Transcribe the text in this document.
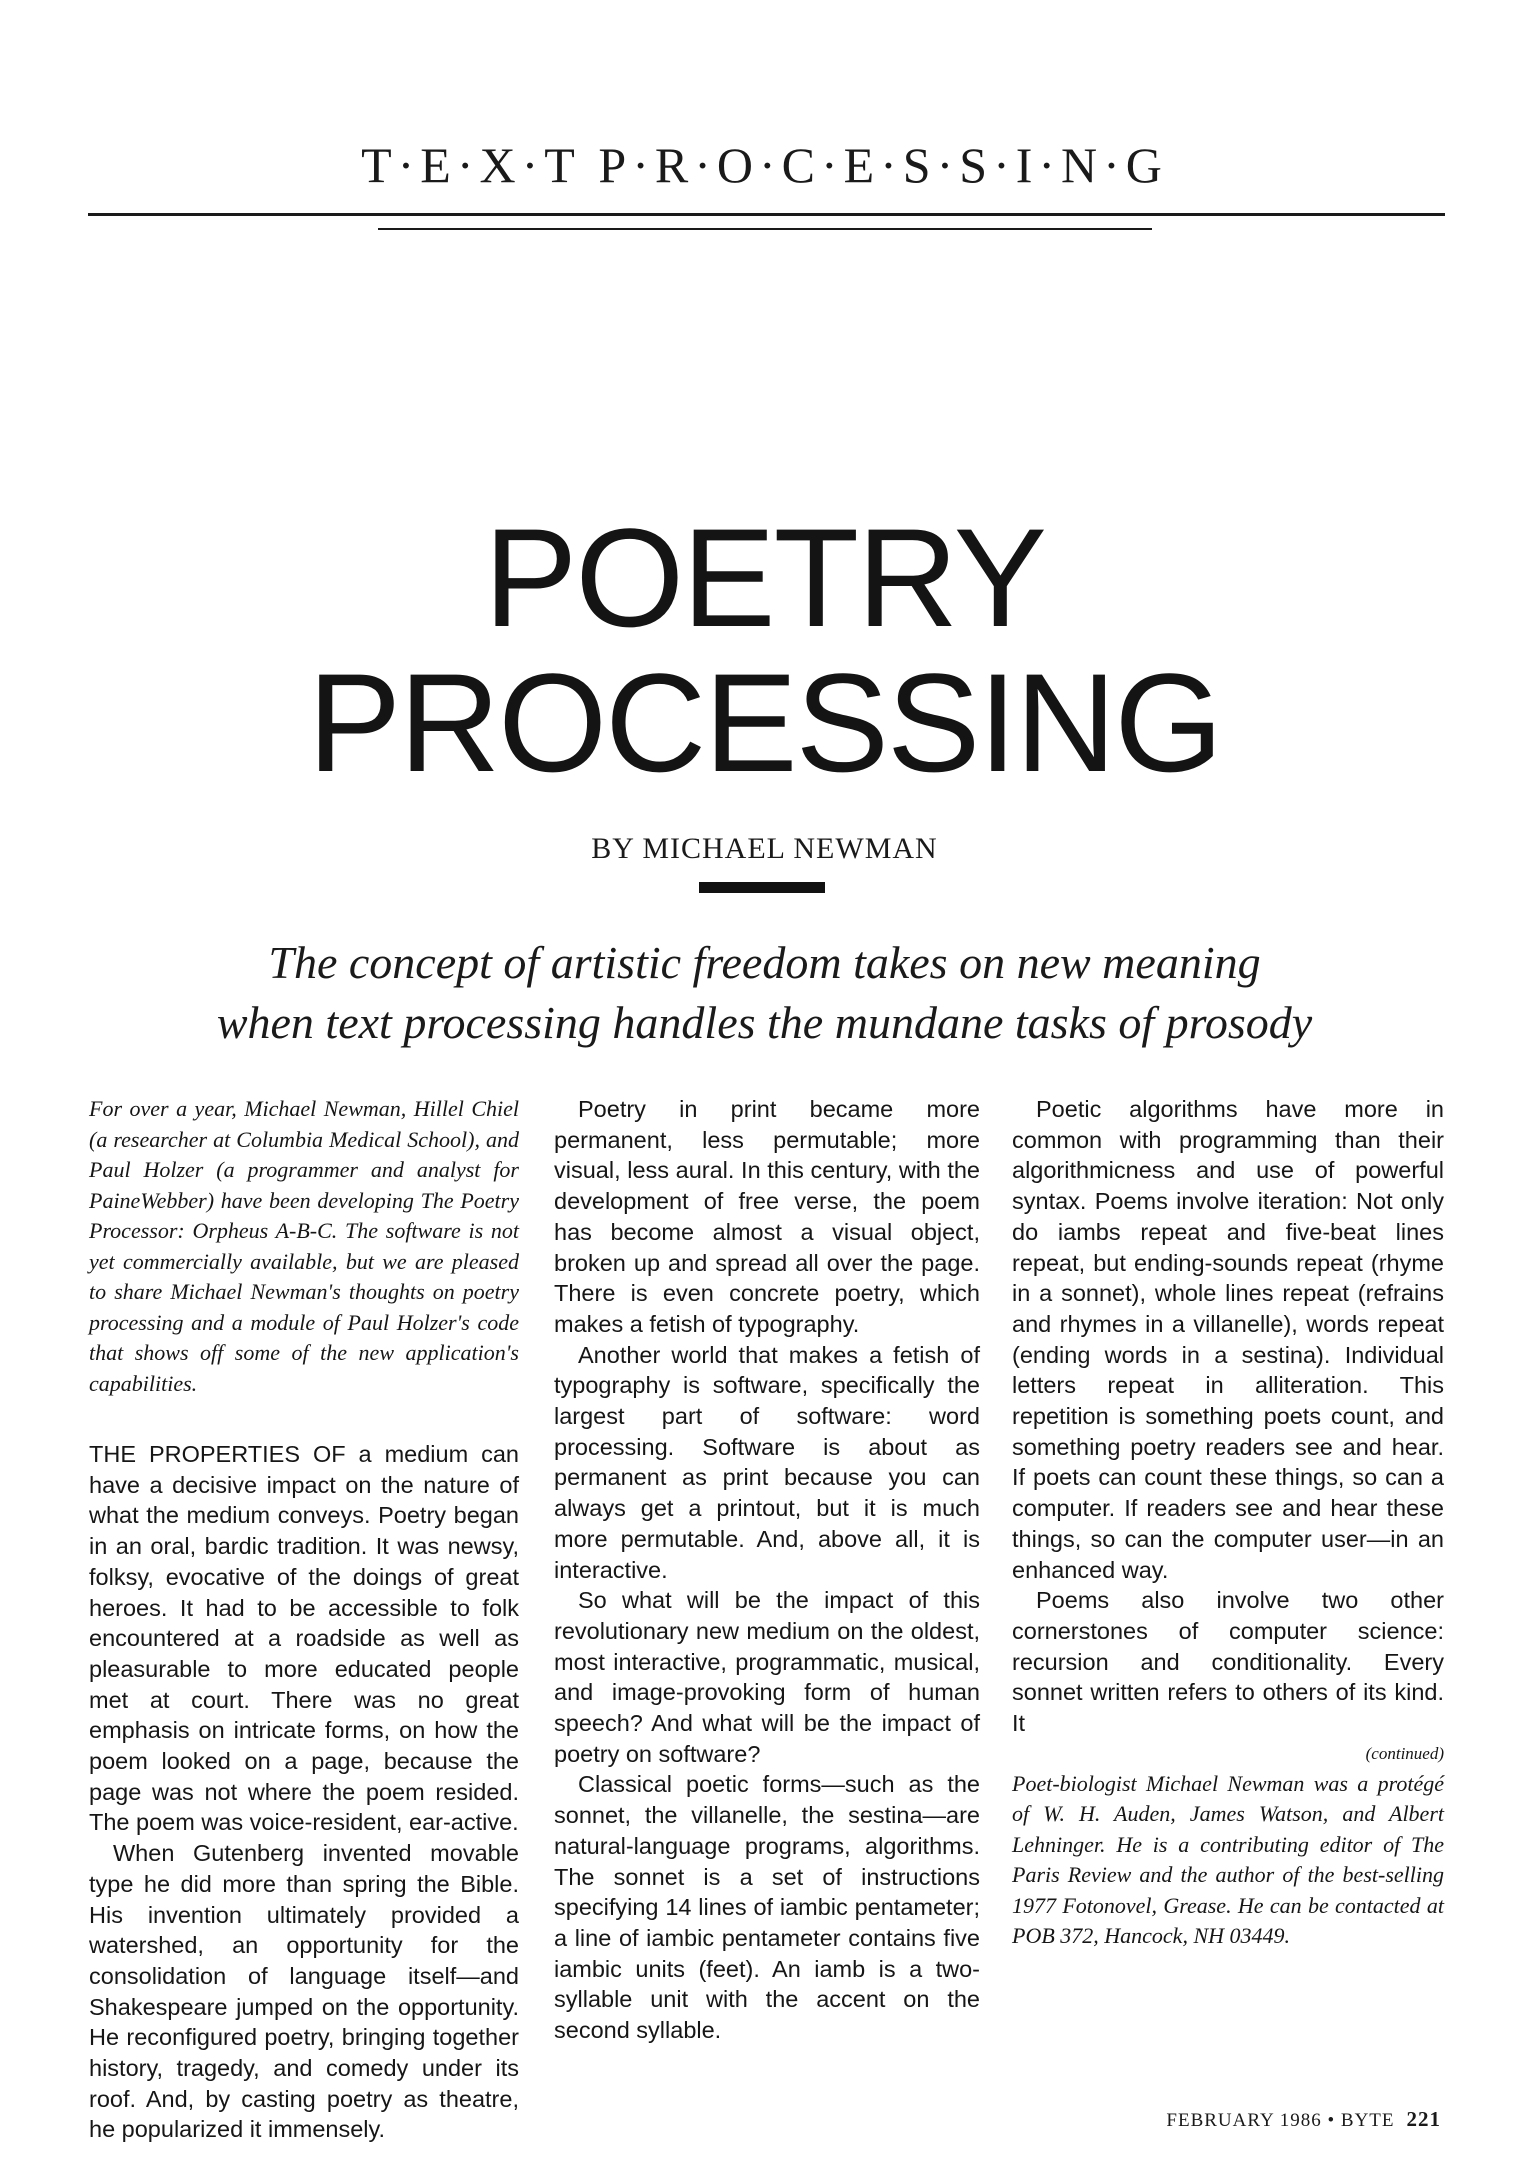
T·E·X·T P·R·O·C·E·S·S·I·N·G
POETRY
PROCESSING
BY MICHAEL NEWMAN
The concept of artistic freedom takes on new meaning
when text processing handles the mundane tasks of prosody

For over a year, Michael Newman, Hillel Chiel (a researcher at Columbia Medical School), and Paul Holzer (a programmer and analyst for PaineWebber) have been developing The Poetry Processor: Orpheus A-B-C. The software is not yet commercially available, but we are pleased to share Michael Newman's thoughts on poetry processing and a module of Paul Holzer's code that shows off some of the new application's capabilities.

THE PROPERTIES OF a medium can have a decisive impact on the nature of what the medium conveys. Poetry began in an oral, bardic tradition. It was newsy, folksy, evocative of the doings of great heroes. It had to be accessible to folk encountered at a roadside as well as pleasurable to more educated people met at court. There was no great emphasis on intricate forms, on how the poem looked on a page, because the page was not where the poem resided. The poem was voice-resident, ear-active.

When Gutenberg invented movable type he did more than spring the Bible. His invention ultimately provided a watershed, an opportunity for the consolidation of language itself—and Shakespeare jumped on the opportunity. He reconfigured poetry, bringing together history, tragedy, and comedy under its roof. And, by casting poetry as theatre, he popularized it immensely.

Poetry in print became more permanent, less permutable; more visual, less aural. In this century, with the development of free verse, the poem has become almost a visual object, broken up and spread all over the page. There is even concrete poetry, which makes a fetish of typography.

Another world that makes a fetish of typography is software, specifically the largest part of software: word processing. Software is about as permanent as print because you can always get a printout, but it is much more permutable. And, above all, it is interactive.

So what will be the impact of this revolutionary new medium on the oldest, most interactive, programmatic, musical, and image-provoking form of human speech? And what will be the impact of poetry on software?

Classical poetic forms—such as the sonnet, the villanelle, the sestina—are natural-language programs, algorithms. The sonnet is a set of instructions specifying 14 lines of iambic pentameter; a line of iambic pentameter contains five iambic units (feet). An iamb is a two-syllable unit with the accent on the second syllable.

Poetic algorithms have more in common with programming than their algorithmicness and use of powerful syntax. Poems involve iteration: Not only do iambs repeat and five-beat lines repeat, but ending-sounds repeat (rhyme in a sonnet), whole lines repeat (refrains and rhymes in a villanelle), words repeat (ending words in a sestina). Individual letters repeat in alliteration. This repetition is something poets count, and something poetry readers see and hear. If poets can count these things, so can a computer. If readers see and hear these things, so can the computer user—in an enhanced way.

Poems also involve two other cornerstones of computer science: recursion and conditionality. Every sonnet written refers to others of its kind. It

(continued)

Poet-biologist Michael Newman was a protégé of W. H. Auden, James Watson, and Albert Lehninger. He is a contributing editor of The Paris Review and the author of the best-selling 1977 Fotonovel, Grease. He can be contacted at POB 372, Hancock, NH 03449.

FEBRUARY 1986 • BYTE 221
